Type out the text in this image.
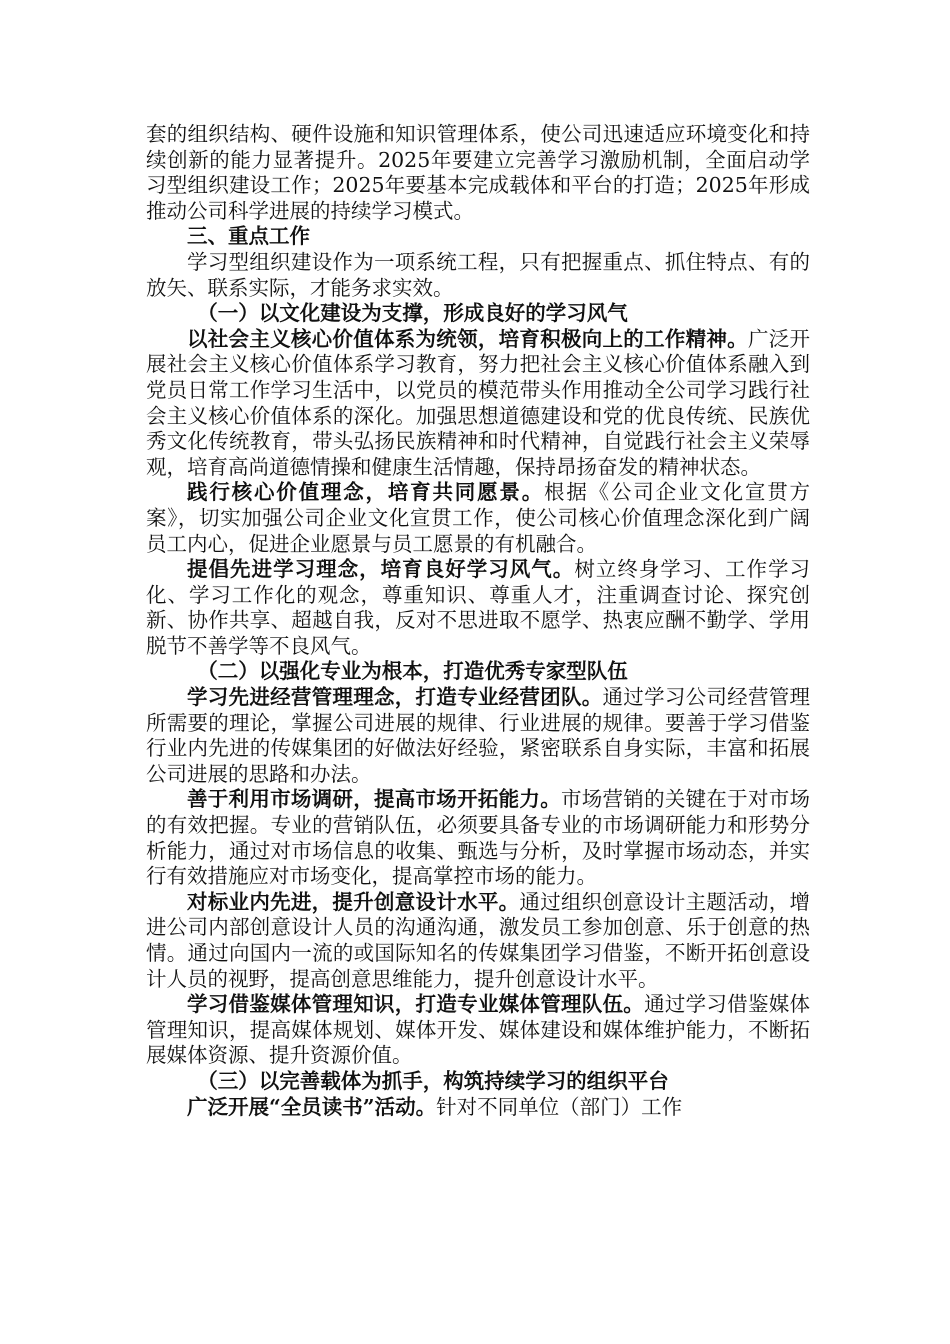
套的组织结构、硬件设施和知识管理体系，使公司迅速适应环境变化和持续创新的能力显著提升。2025年要建立完善学习激励机制，全面启动学习型组织建设工作；2025年要基本完成载体和平台的打造；2025年形成推动公司科学进展的持续学习模式。

三、重点工作

学习型组织建设作为一项系统工程，只有把握重点、抓住特点、有的放矢、联系实际，才能务求实效。

（一）以文化建设为支撑，形成良好的学习风气

以社会主义核心价值体系为统领，培育积极向上的工作精神。广泛开展社会主义核心价值体系学习教育，努力把社会主义核心价值体系融入到党员日常工作学习生活中，以党员的模范带头作用推动全公司学习践行社会主义核心价值体系的深化。加强思想道德建设和党的优良传统、民族优秀文化传统教育，带头弘扬民族精神和时代精神，自觉践行社会主义荣辱观，培育高尚道德情操和健康生活情趣，保持昂扬奋发的精神状态。

践行核心价值理念，培育共同愿景。根据《公司企业文化宣贯方案》，切实加强公司企业文化宣贯工作，使公司核心价值理念深化到广阔员工内心，促进企业愿景与员工愿景的有机融合。

提倡先进学习理念，培育良好学习风气。树立终身学习、工作学习化、学习工作化的观念，尊重知识、尊重人才，注重调查讨论、探究创新、协作共享、超越自我，反对不思进取不愿学、热衷应酬不勤学、学用脱节不善学等不良风气。

（二）以强化专业为根本，打造优秀专家型队伍

学习先进经营管理理念，打造专业经营团队。通过学习公司经营管理所需要的理论，掌握公司进展的规律、行业进展的规律。要善于学习借鉴行业内先进的传媒集团的好做法好经验，紧密联系自身实际，丰富和拓展公司进展的思路和办法。

善于利用市场调研，提高市场开拓能力。市场营销的关键在于对市场的有效把握。专业的营销队伍，必须要具备专业的市场调研能力和形势分析能力，通过对市场信息的收集、甄选与分析，及时掌握市场动态，并实行有效措施应对市场变化，提高掌控市场的能力。

对标业内先进，提升创意设计水平。通过组织创意设计主题活动，增进公司内部创意设计人员的沟通沟通，激发员工参加创意、乐于创意的热情。通过向国内一流的或国际知名的传媒集团学习借鉴，不断开拓创意设计人员的视野，提高创意思维能力，提升创意设计水平。

学习借鉴媒体管理知识，打造专业媒体管理队伍。通过学习借鉴媒体管理知识，提高媒体规划、媒体开发、媒体建设和媒体维护能力，不断拓展媒体资源、提升资源价值。

（三）以完善载体为抓手，构筑持续学习的组织平台

广泛开展“全员读书”活动。针对不同单位（部门）工作
